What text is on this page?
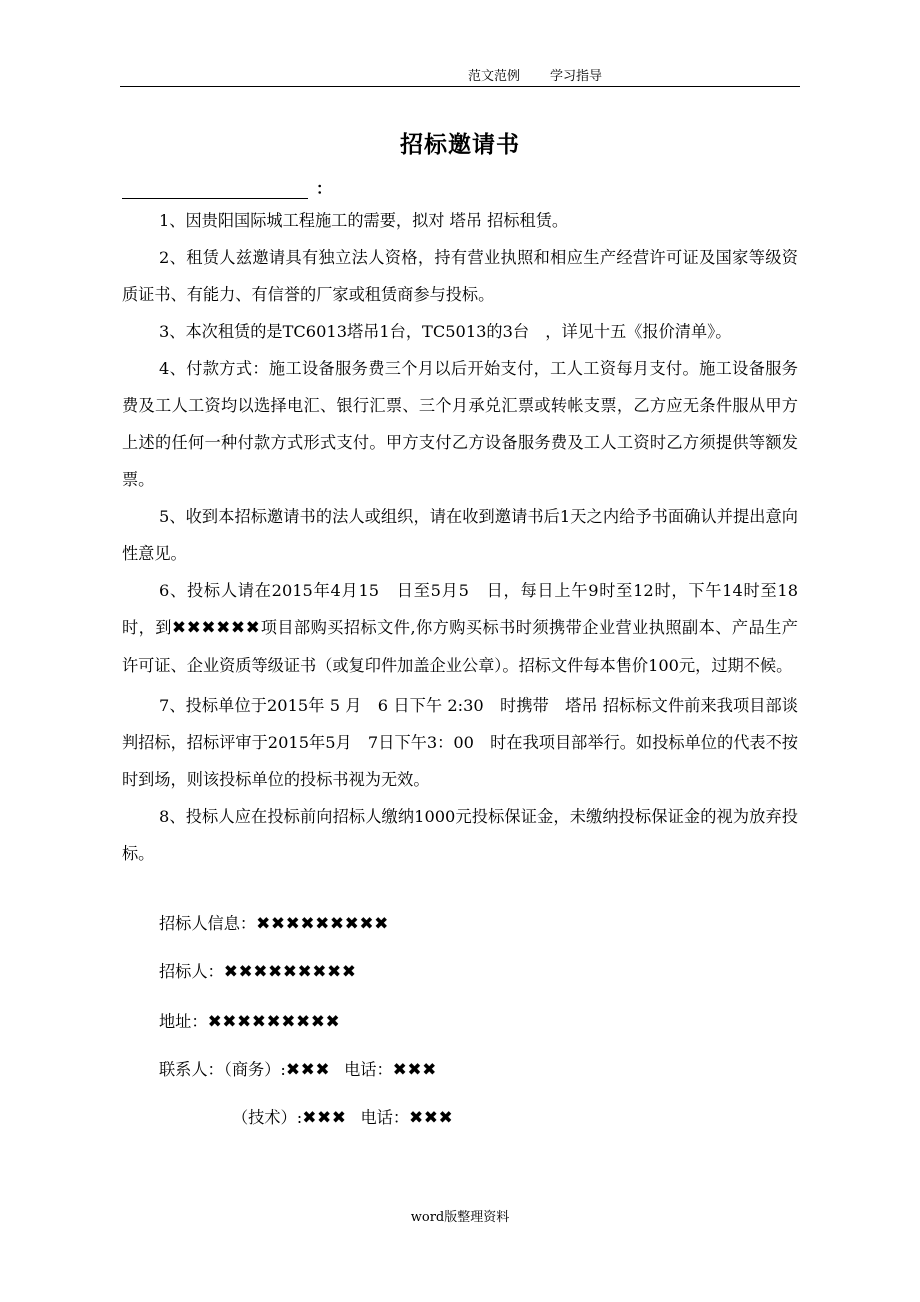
范文范例 学习指导
招标邀请书
：

1、因贵阳国际城工程施工的需要，拟对 塔吊 招标租赁。

2、租赁人兹邀请具有独立法人资格，持有营业执照和相应生产经营许可证及国家等级资质证书、有能力、有信誉的厂家或租赁商参与投标。

3、本次租赁的是TC6013塔吊1台，TC5013的3台　，详见十五《报价清单》。

4、付款方式：施工设备服务费三个月以后开始支付，工人工资每月支付。施工设备服务费及工人工资均以选择电汇、银行汇票、三个月承兑汇票或转帐支票，乙方应无条件服从甲方上述的任何一种付款方式形式支付。甲方支付乙方设备服务费及工人工资时乙方须提供等额发票。

5、收到本招标邀请书的法人或组织，请在收到邀请书后1天之内给予书面确认并提出意向性意见。

6、投标人请在2015年4月15　日至5月5　日，每日上午9时至12时，下午14时至18时，到✖✖✖✖✖✖项目部购买招标文件,你方购买标书时须携带企业营业执照副本、产品生产许可证、企业资质等级证书（或复印件加盖企业公章）。招标文件每本售价100元，过期不候。

7、投标单位于2015年 5 月　6 日下午 2:30　时携带　塔吊 招标标文件前来我项目部谈判招标，招标评审于2015年5月　7日下午3：00　时在我项目部举行。如投标单位的代表不按时到场，则该投标单位的投标书视为无效。

8、投标人应在投标前向招标人缴纳1000元投标保证金，未缴纳投标保证金的视为放弃投标。

招标人信息：✖✖✖✖✖✖✖✖✖
招标人：✖✖✖✖✖✖✖✖✖
地址：✖✖✖✖✖✖✖✖✖
联系人：（商务）:✖✖✖ 电话：✖✖✖
（技术）:✖✖✖ 电话：✖✖✖
word版整理资料
